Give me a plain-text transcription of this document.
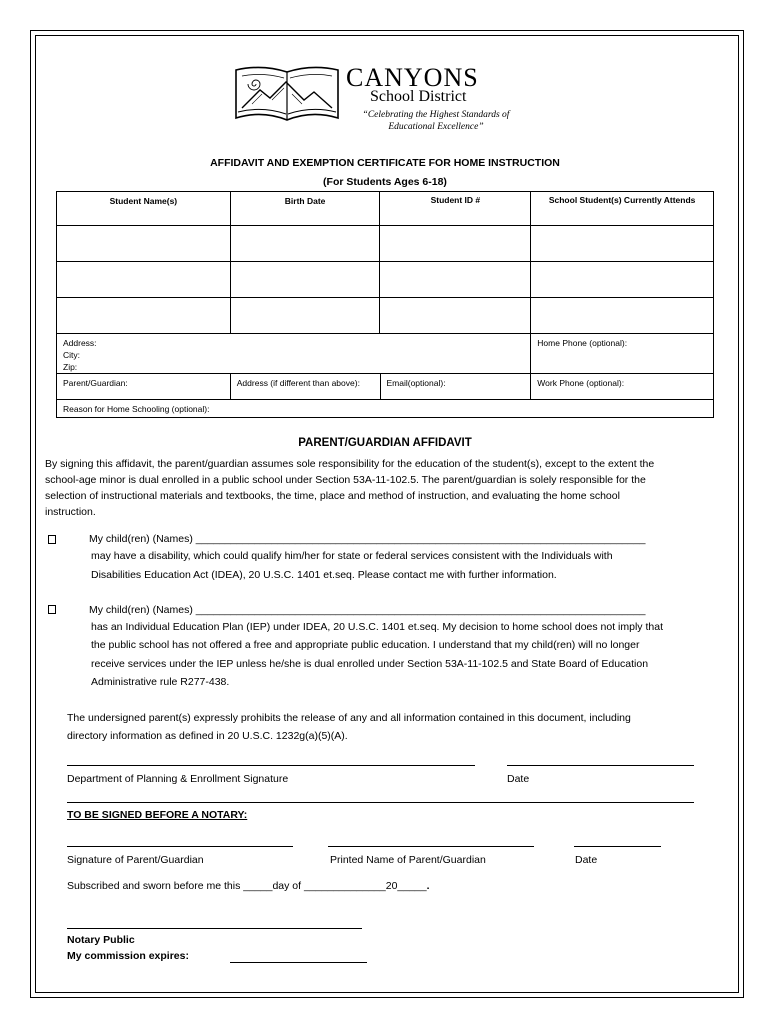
CANYONS
School District
“Celebrating the Highest Standards of Educational Excellence”
AFFIDAVIT AND EXEMPTION CERTIFICATE FOR HOME INSTRUCTION
(For Students Ages 6-18)
Student Name(s)	Birth Date	Student ID #	School Student(s) Currently Attends

Address:
City:
Zip:			Home Phone (optional):
Parent/Guardian:	Address (if different than above):	Email(optional):	Work Phone (optional):
Reason for Home Schooling (optional):			
PARENT/GUARDIAN AFFIDAVIT
By signing this affidavit, the parent/guardian assumes sole responsibility for the education of the student(s), except to the extent the
school-age minor is dual enrolled in a public school under Section 53A-11-102.5. The parent/guardian is solely responsible for the
selection of instructional materials and textbooks, the time, place and method of instruction, and evaluating the home school
instruction.
My child(ren) (Names) _____________________________________________________________________________
may have a disability, which could qualify him/her for state or federal services consistent with the Individuals with
Disabilities Education Act (IDEA), 20 U.S.C. 1401 et.seq. Please contact me with further information.
My child(ren) (Names) _____________________________________________________________________________
has an Individual Education Plan (IEP) under IDEA, 20 U.S.C. 1401 et.seq. My decision to home school does not imply that
the public school has not offered a free and appropriate public education. I understand that my child(ren) will no longer
receive services under the IEP unless he/she is dual enrolled under Section 53A-11-102.5 and State Board of Education
Administrative rule R277-438.
The undersigned parent(s) expressly prohibits the release of any and all information contained in this document, including
directory information as defined in 20 U.S.C. 1232g(a)(5)(A).
Department of Planning & Enrollment Signature	Date
TO BE SIGNED BEFORE A NOTARY:
Signature of Parent/Guardian	Printed Name of Parent/Guardian	Date
Subscribed and sworn before me this _____day of ______________20_____.
Notary Public
My commission expires:
